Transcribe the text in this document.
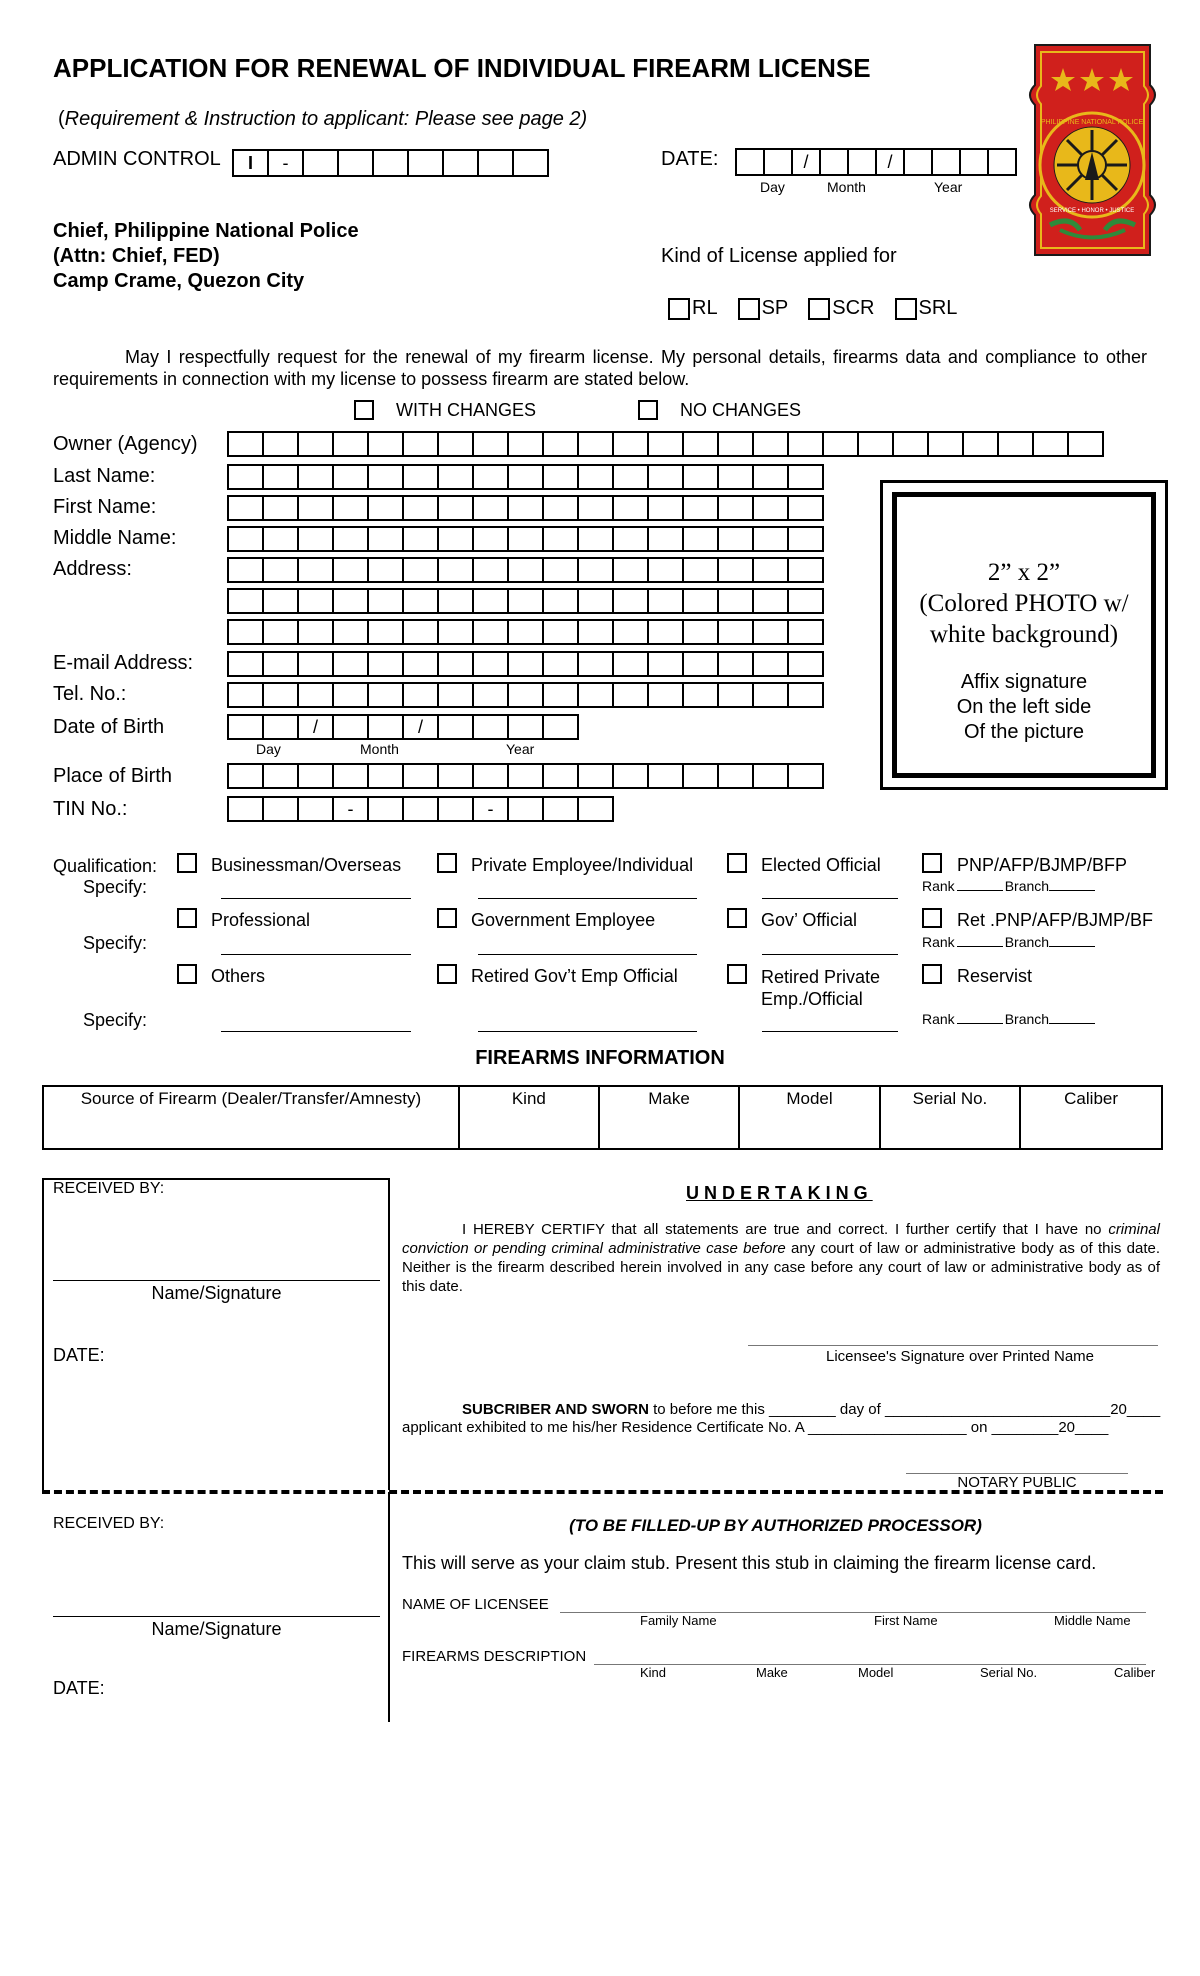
APPLICATION FOR RENEWAL OF INDIVIDUAL FIREARM LICENSE
(Requirement & Instruction to applicant: Please see page 2)
ADMIN CONTROL	I	-	DATE:	/	/
Day	Month	Year
PHILIPPINE NATIONAL POLICE
SERVICE • HONOR • JUSTICE
Chief, Philippine National Police
(Attn: Chief, FED)
Camp Crame, Quezon City
Kind of License applied for
RL SP SCR SRL
May I respectfully request for the renewal of my firearm license. My personal details, firearms data and compliance to other requirements in connection with my license to possess firearm are stated below.
WITH CHANGES	NO CHANGES
Owner (Agency)
Last Name:
First Name:
Middle Name:
Address:
E-mail Address:
Tel. No.:
Date of Birth	/	/
Day	Month	Year
Place of Birth
TIN No.:	-	-
2” x 2”
(Colored PHOTO w/
white background)
Affix signature
On the left side
Of the picture
Qualification:
Specify:
Specify:
Specify:
Businessman/Overseas
Professional
Others
Private Employee/Individual
Government Employee
Retired Gov’t Emp Official
Elected Official
Gov’ Official
Retired Private
Emp./Official
PNP/AFP/BJMP/BFP
Rank	Branch
Ret .PNP/AFP/BJMP/BF
Rank	Branch
Reservist
Rank	Branch
FIREARMS INFORMATION
Source of Firearm (Dealer/Transfer/Amnesty)	Kind	Make	Model	Serial No.	Caliber
RECEIVED BY:
Name/Signature
DATE:
UNDERTAKING
I HEREBY CERTIFY that all statements are true and correct. I further certify that I have no criminal conviction or pending criminal administrative case before any court of law or administrative body as of this date. Neither is the firearm described herein involved in any case before any court of law or administrative body as of this date.
Licensee's Signature over Printed Name
SUBCRIBER AND SWORN to before me this ________ day of ___________________________20____
applicant exhibited to me his/her Residence Certificate No. A ___________________ on ________20____
NOTARY PUBLIC
RECEIVED BY:
Name/Signature
DATE:
(TO BE FILLED-UP BY AUTHORIZED PROCESSOR)
This will serve as your claim stub. Present this stub in claiming the firearm license card.
NAME OF LICENSEE
Family Name	First Name	Middle Name
FIREARMS DESCRIPTION
Kind	Make	Model	Serial No.	Caliber
